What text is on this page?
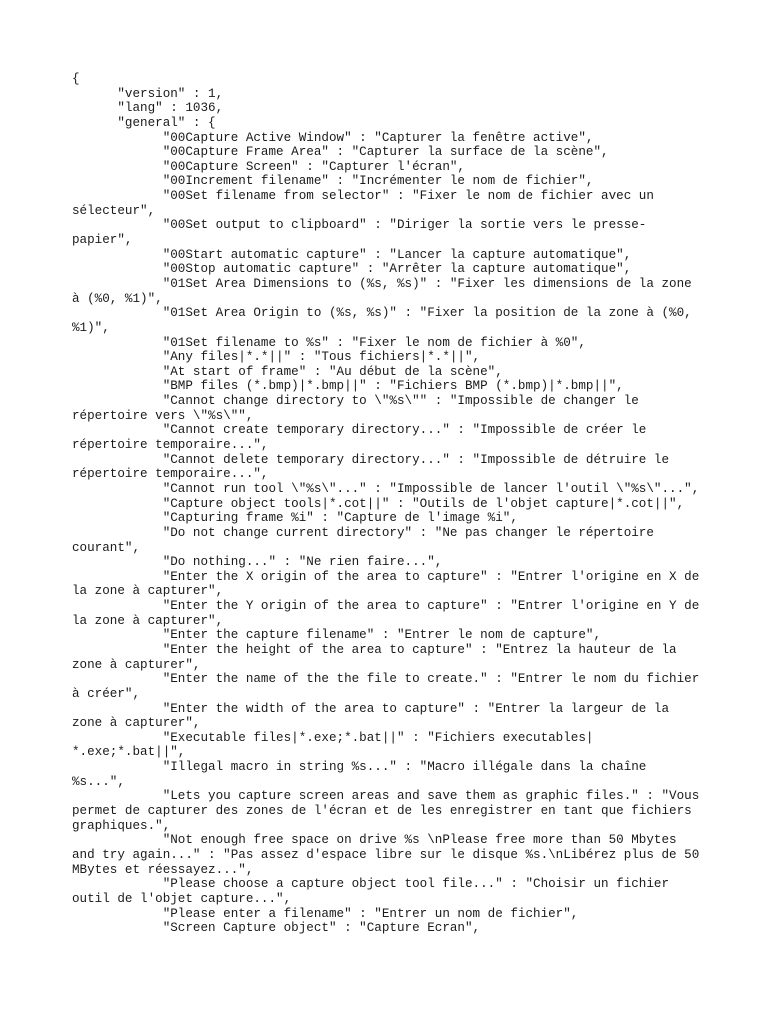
{
"version" : 1,
"lang" : 1036,
"general" : {
"00Capture Active Window" : "Capturer la fenêtre active",
"00Capture Frame Area" : "Capturer la surface de la scène",
"00Capture Screen" : "Capturer l'écran",
"00Increment filename" : "Incrémenter le nom de fichier",
"00Set filename from selector" : "Fixer le nom de fichier avec un
sélecteur",
"00Set output to clipboard" : "Diriger la sortie vers le presse-
papier",
"00Start automatic capture" : "Lancer la capture automatique",
"00Stop automatic capture" : "Arrêter la capture automatique",
"01Set Area Dimensions to (%s, %s)" : "Fixer les dimensions de la zone
à (%0, %1)",
"01Set Area Origin to (%s, %s)" : "Fixer la position de la zone à (%0,
%1)",
"01Set filename to %s" : "Fixer le nom de fichier à %0",
"Any files|*.*||" : "Tous fichiers|*.*||",
"At start of frame" : "Au début de la scène",
"BMP files (*.bmp)|*.bmp||" : "Fichiers BMP (*.bmp)|*.bmp||",
"Cannot change directory to \"%s\"" : "Impossible de changer le
répertoire vers \"%s\"",
"Cannot create temporary directory..." : "Impossible de créer le
répertoire temporaire...",
"Cannot delete temporary directory..." : "Impossible de détruire le
répertoire temporaire...",
"Cannot run tool \"%s\"..." : "Impossible de lancer l'outil \"%s\"...",
"Capture object tools|*.cot||" : "Outils de l'objet capture|*.cot||",
"Capturing frame %i" : "Capture de l'image %i",
"Do not change current directory" : "Ne pas changer le répertoire
courant",
"Do nothing..." : "Ne rien faire...",
"Enter the X origin of the area to capture" : "Entrer l'origine en X de
la zone à capturer",
"Enter the Y origin of the area to capture" : "Entrer l'origine en Y de
la zone à capturer",
"Enter the capture filename" : "Entrer le nom de capture",
"Enter the height of the area to capture" : "Entrez la hauteur de la
zone à capturer",
"Enter the name of the the file to create." : "Entrer le nom du fichier
à créer",
"Enter the width of the area to capture" : "Entrer la largeur de la
zone à capturer",
"Executable files|*.exe;*.bat||" : "Fichiers executables|
*.exe;*.bat||",
"Illegal macro in string %s..." : "Macro illégale dans la chaîne
%s...",
"Lets you capture screen areas and save them as graphic files." : "Vous
permet de capturer des zones de l'écran et de les enregistrer en tant que fichiers
graphiques.",
"Not enough free space on drive %s \nPlease free more than 50 Mbytes
and try again..." : "Pas assez d'espace libre sur le disque %s.\nLibérez plus de 50
MBytes et réessayez...",
"Please choose a capture object tool file..." : "Choisir un fichier
outil de l'objet capture...",
"Please enter a filename" : "Entrer un nom de fichier",
"Screen Capture object" : "Capture Ecran",
